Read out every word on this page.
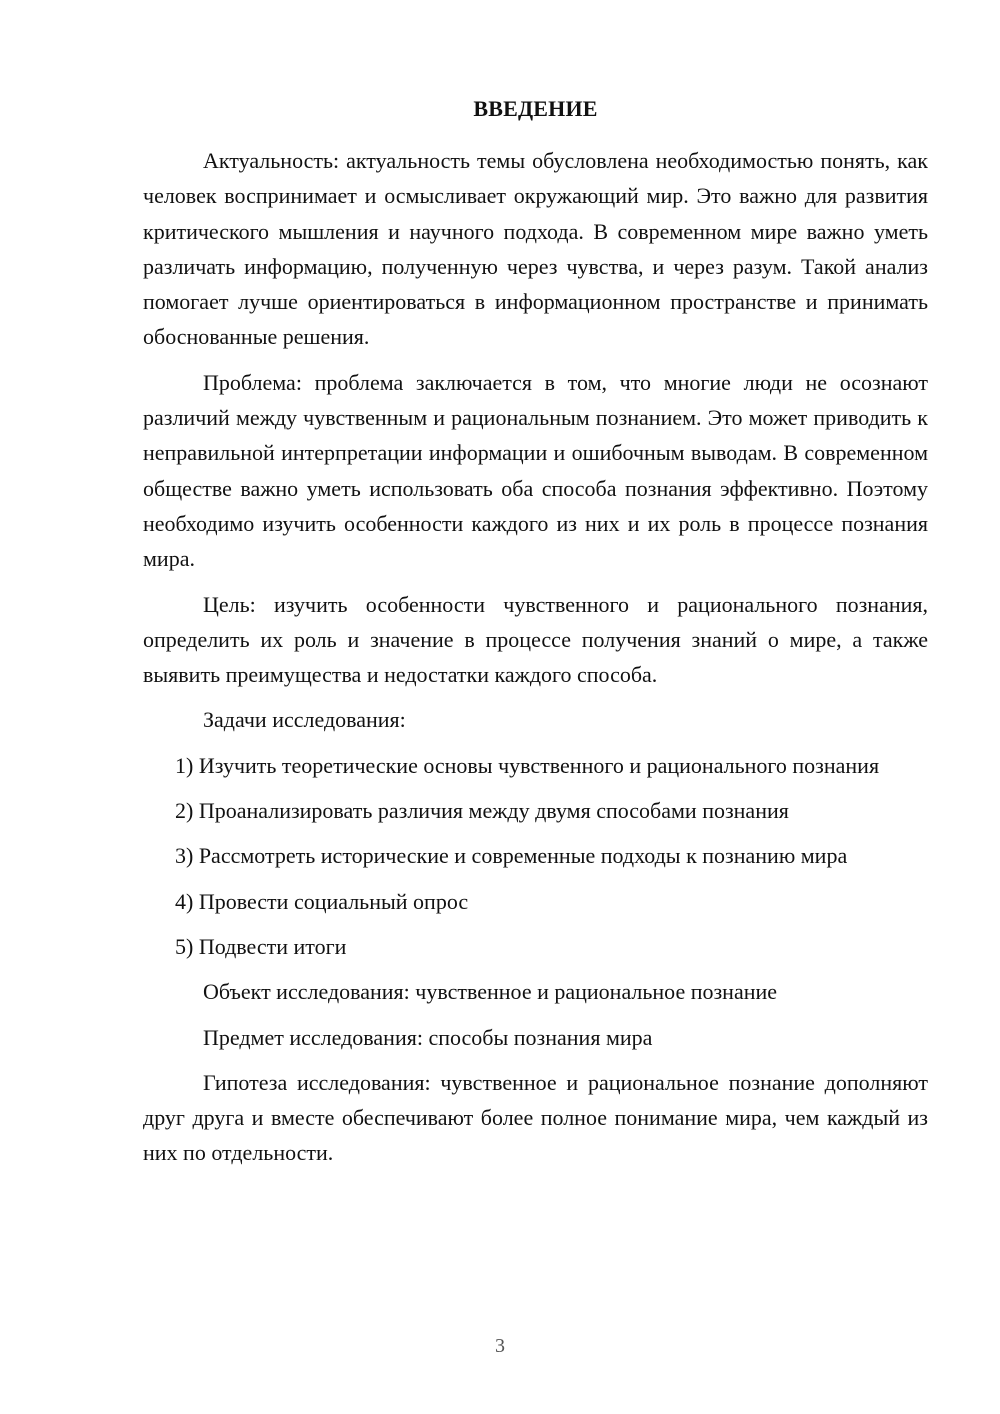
ВВЕДЕНИЕ

Актуальность: актуальность темы обусловлена необходимостью понять, как человек воспринимает и осмысливает окружающий мир. Это важно для развития критического мышления и научного подхода. В современном мире важно уметь различать информацию, полученную через чувства, и через разум. Такой анализ помогает лучше ориентироваться в информационном пространстве и принимать обоснованные решения.

Проблема: проблема заключается в том, что многие люди не осознают различий между чувственным и рациональным познанием. Это может приводить к неправильной интерпретации информации и ошибочным выводам. В современном обществе важно уметь использовать оба способа познания эффективно. Поэтому необходимо изучить особенности каждого из них и их роль в процессе познания мира.

Цель: изучить особенности чувственного и рационального познания, определить их роль и значение в процессе получения знаний о мире, а также выявить преимущества и недостатки каждого способа.

Задачи исследования:

1) Изучить теоретические основы чувственного и рационального познания

2) Проанализировать различия между двумя способами познания

3) Рассмотреть исторические и современные подходы к познанию мира

4) Провести социальный опрос

5) Подвести итоги

Объект исследования: чувственное и рациональное познание

Предмет исследования: способы познания мира

Гипотеза исследования: чувственное и рациональное познание дополняют друг друга и вместе обеспечивают более полное понимание мира, чем каждый из них по отдельности.

3
